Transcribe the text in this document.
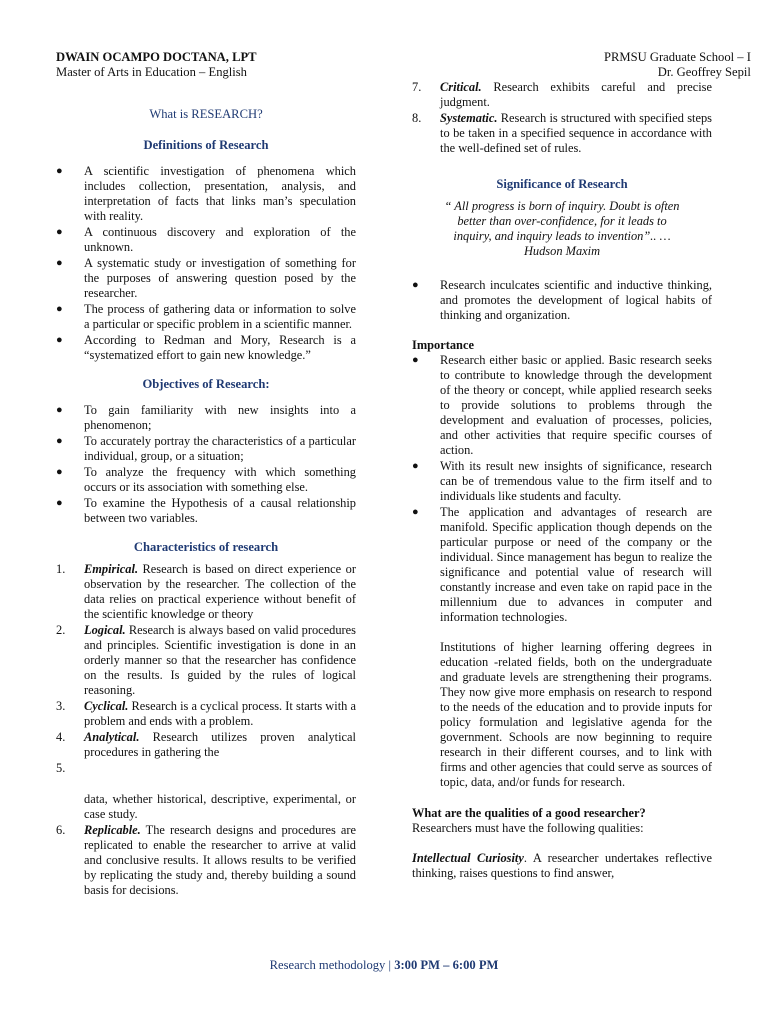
DWAIN OCAMPO DOCTANA, LPT
Master of Arts in Education – English
PRMSU Graduate School – I
Dr. Geoffrey Sepil
What is RESEARCH?
Definitions of Research
● A scientific investigation of phenomena which includes collection, presentation, analysis, and interpretation of facts that links man’s speculation with reality.
● A continuous discovery and exploration of the unknown.
● A systematic study or investigation of something for the purposes of answering question posed by the researcher.
● The process of gathering data or information to solve a particular or specific problem in a scientific manner.
● According to Redman and Mory, Research is a “systematized effort to gain new knowledge.”
Objectives of Research:
● To gain familiarity with new insights into a phenomenon;
● To accurately portray the characteristics of a particular individual, group, or a situation;
● To analyze the frequency with which something occurs or its association with something else.
● To examine the Hypothesis of a causal relationship between two variables.
Characteristics of research
1. Empirical. Research is based on direct experience or observation by the researcher. The collection of the data relies on practical experience without benefit of the scientific knowledge or theory
2. Logical. Research is always based on valid procedures and principles. Scientific investigation is done in an orderly manner so that the researcher has confidence on the results. Is guided by the rules of logical reasoning.
3. Cyclical. Research is a cyclical process. It starts with a problem and ends with a problem.
4. Analytical. Research utilizes proven analytical procedures in gathering the
5.

data, whether historical, descriptive, experimental, or case study.
6. Replicable. The research designs and procedures are replicated to enable the researcher to arrive at valid and conclusive results. It allows results to be verified by replicating the study and, thereby building a sound basis for decisions.
7. Critical. Research exhibits careful and precise judgment.
8. Systematic. Research is structured with specified steps to be taken in a specified sequence in accordance with the well-defined set of rules.
Significance of Research
“ All progress is born of inquiry. Doubt is often better than over-confidence, for it leads to inquiry, and inquiry leads to invention”.. …
Hudson Maxim
● Research inculcates scientific and inductive thinking, and promotes the development of logical habits of thinking and organization.
Importance
● Research either basic or applied. Basic research seeks to contribute to knowledge through the development of the theory or concept, while applied research seeks to provide solutions to problems through the development and evaluation of processes, policies, and other activities that require specific courses of action.
● With its result new insights of significance, research can be of tremendous value to the firm itself and to individuals like students and faculty.
● The application and advantages of research are manifold. Specific application though depends on the particular purpose or need of the company or the individual. Since management has begun to realize the significance and potential value of research will constantly increase and even take on rapid pace in the millennium due to advances in computer and information technologies.
Institutions of higher learning offering degrees in education -related fields, both on the undergraduate and graduate levels are strengthening their programs. They now give more emphasis on research to respond to the needs of the education and to provide inputs for policy formulation and legislative agenda for the government. Schools are now beginning to require research in their different courses, and to link with firms and other agencies that could serve as sources of topic, data, and/or funds for research.
What are the qualities of a good researcher?
Researchers must have the following qualities:
Intellectual Curiosity. A researcher undertakes reflective thinking, raises questions to find answer,
Research methodology | 3:00 PM – 6:00 PM
